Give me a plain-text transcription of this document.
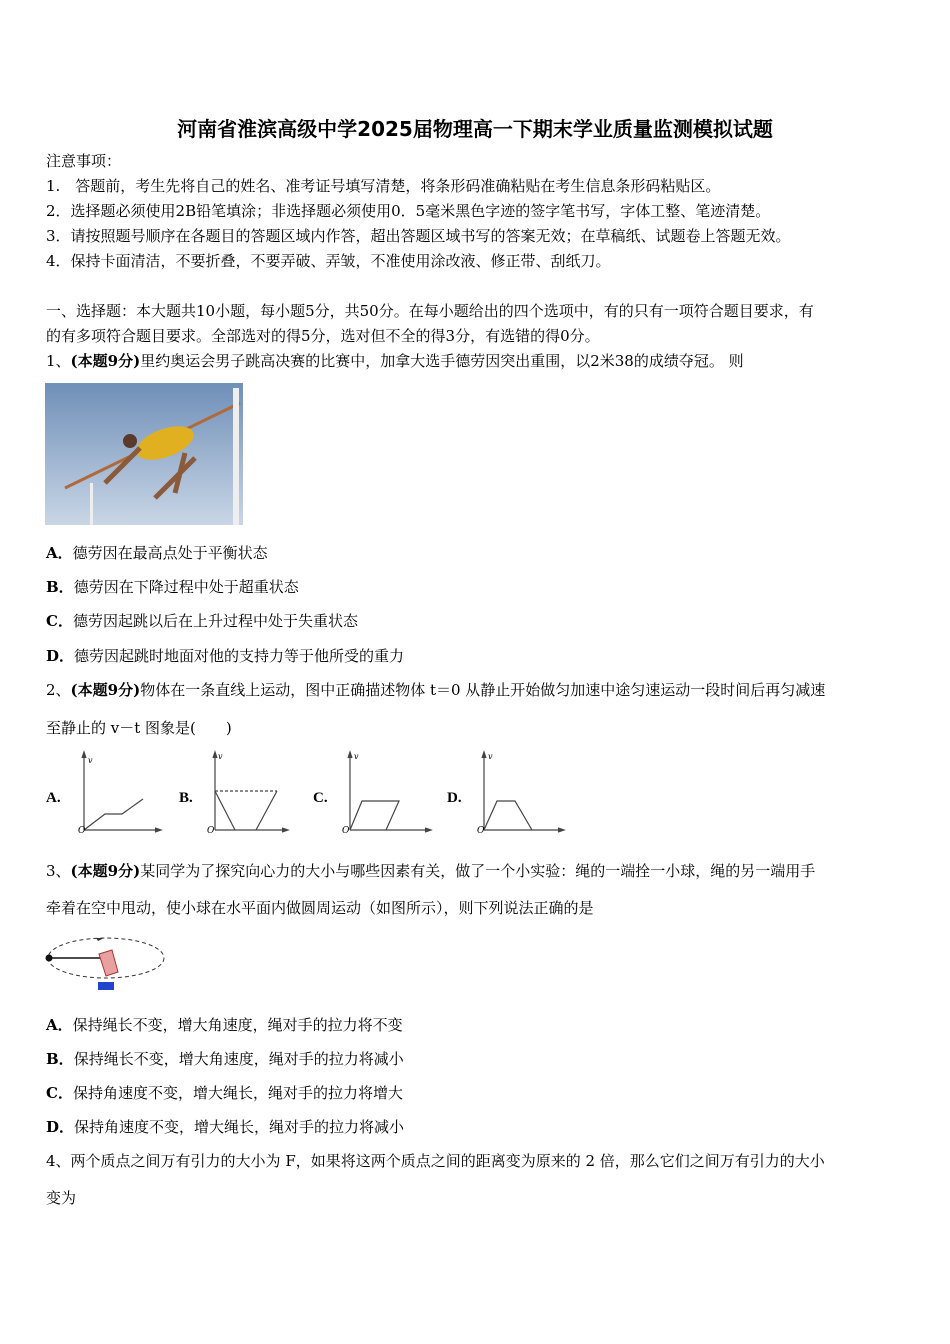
河南省淮滨高级中学2025届物理高一下期末学业质量监测模拟试题
注意事项：
1.　答题前，考生先将自己的姓名、准考证号填写清楚，将条形码准确粘贴在考生信息条形码粘贴区。
2．选择题必须使用2B铅笔填涂；非选择题必须使用0．5毫米黑色字迹的签字笔书写，字体工整、笔迹清楚。
3．请按照题号顺序在各题目的答题区域内作答，超出答题区域书写的答案无效；在草稿纸、试题卷上答题无效。
4．保持卡面清洁，不要折叠，不要弄破、弄皱，不准使用涂改液、修正带、刮纸刀。
一、选择题：本大题共10小题，每小题5分，共50分。在每小题给出的四个选项中，有的只有一项符合题目要求，有
的有多项符合题目要求。全部选对的得5分，选对但不全的得3分，有选错的得0分。
1、(本题9分)里约奥运会男子跳高决赛的比赛中，加拿大选手德劳因突出重围，以2米38的成绩夺冠。 则
A．德劳因在最高点处于平衡状态
B．德劳因在下降过程中处于超重状态
C．德劳因起跳以后在上升过程中处于失重状态
D．德劳因起跳时地面对他的支持力等于他所受的重力
2、(本题9分)物体在一条直线上运动，图中正确描述物体 t＝0 从静止开始做匀加速中途匀速运动一段时间后再匀减速
至静止的 v－t 图象是(　　)
A.	B.	C.	D.
v	v	v	v
O	O	O	O
3、(本题9分)某同学为了探究向心力的大小与哪些因素有关，做了一个小实验：绳的一端拴一小球，绳的另一端用手
牵着在空中甩动，使小球在水平面内做圆周运动（如图所示），则下列说法正确的是
A．保持绳长不变，增大角速度，绳对手的拉力将不变
B．保持绳长不变，增大角速度，绳对手的拉力将减小
C．保持角速度不变，增大绳长，绳对手的拉力将增大
D．保持角速度不变，增大绳长，绳对手的拉力将减小
4、两个质点之间万有引力的大小为 F，如果将这两个质点之间的距离变为原来的 2 倍，那么它们之间万有引力的大小
变为
